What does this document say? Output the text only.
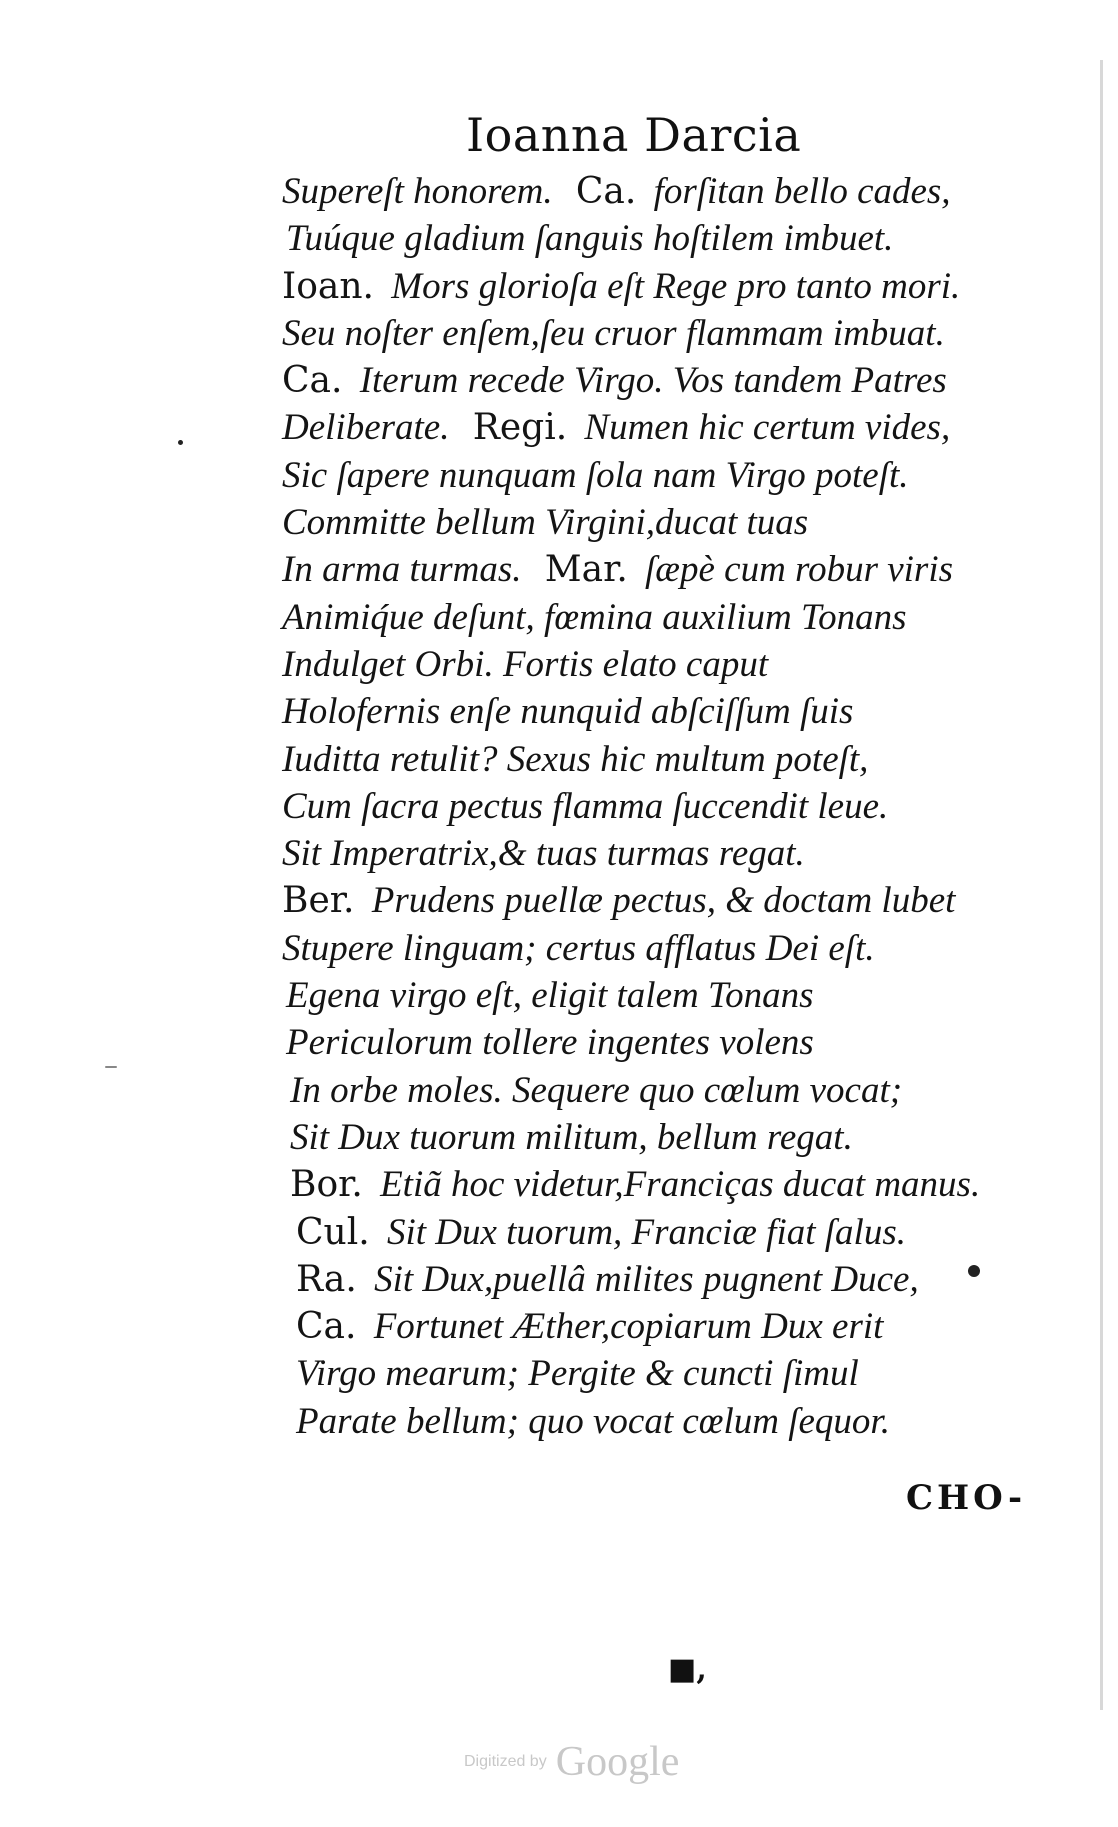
Ioanna Darcia
Supereſt honorem. Ca. forſitan bello cades,
Tuúque gladium ſanguis hoſtilem imbuet.
Ioan. Mors glorioſa eſt Rege pro tanto mori.
Seu noſter enſem,ſeu cruor flammam imbuat.
Ca. Iterum recede Virgo. Vos tandem Patres
Deliberate. Regi. Numen hic certum vides,
Sic ſapere nunquam ſola nam Virgo poteſt.
Committe bellum Virgini,ducat tuas
In arma turmas. Mar. ſæpè cum robur viris
Animiq́ue deſunt, fœmina auxilium Tonans
Indulget Orbi. Fortis elato caput
Holofernis enſe nunquid abſciſſum ſuis
Iuditta retulit? Sexus hic multum poteſt,
Cum ſacra pectus flamma ſuccendit leue.
Sit Imperatrix,& tuas turmas regat.
Ber. Prudens puellæ pectus, & doctam lubet
Stupere linguam; certus afflatus Dei eſt.
Egena virgo eſt, eligit talem Tonans
Periculorum tollere ingentes volens
In orbe moles. Sequere quo cœlum vocat;
Sit Dux tuorum militum, bellum regat.
Bor. Etiã hoc videtur,Franciças ducat manus.
Cul. Sit Dux tuorum, Franciæ fiat ſalus.
Ra. Sit Dux,puellâ milites pugnent Duce,
Ca. Fortunet Æther,copiarum Dux erit
Virgo mearum; Pergite & cuncti ſimul
Parate bellum; quo vocat cœlum ſequor.
CHO-
■,
Digitized by Google
